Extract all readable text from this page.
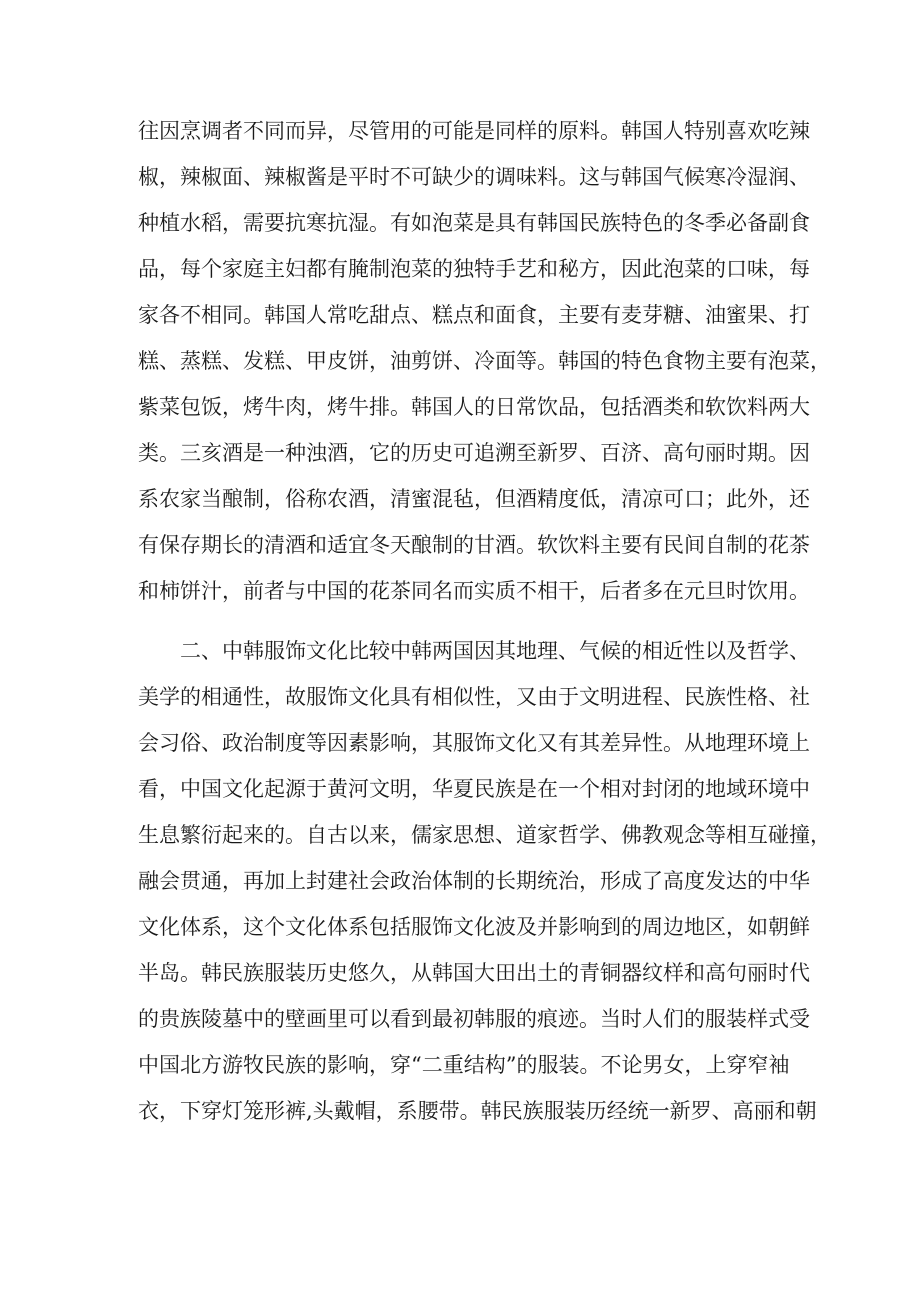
往因烹调者不同而异，尽管用的可能是同样的原料。韩国人特别喜欢吃辣
椒，辣椒面、辣椒酱是平时不可缺少的调味料。这与韩国气候寒冷湿润、
种植水稻，需要抗寒抗湿。有如泡菜是具有韩国民族特色的冬季必备副食
品，每个家庭主妇都有腌制泡菜的独特手艺和秘方，因此泡菜的口味，每
家各不相同。韩国人常吃甜点、糕点和面食，主要有麦芽糖、油蜜果、打
糕、蒸糕、发糕、甲皮饼，油剪饼、冷面等。韩国的特色食物主要有泡菜，
紫菜包饭，烤牛肉，烤牛排。韩国人的日常饮品，包括酒类和软饮料两大
类。三亥酒是一种浊酒，它的历史可追溯至新罗、百济、高句丽时期。因
系农家当酿制，俗称农酒，清蜜混毡，但酒精度低，清凉可口；此外，还
有保存期长的清酒和适宜冬天酿制的甘酒。软饮料主要有民间自制的花茶
和柿饼汁，前者与中国的花茶同名而实质不相干，后者多在元旦时饮用。
　　二、中韩服饰文化比较中韩两国因其地理、气候的相近性以及哲学、
美学的相通性，故服饰文化具有相似性，又由于文明进程、民族性格、社
会习俗、政治制度等因素影响，其服饰文化又有其差异性。从地理环境上
看，中国文化起源于黄河文明，华夏民族是在一个相对封闭的地域环境中
生息繁衍起来的。自古以来，儒家思想、道家哲学、佛教观念等相互碰撞，
融会贯通，再加上封建社会政治体制的长期统治，形成了高度发达的中华
文化体系，这个文化体系包括服饰文化波及并影响到的周边地区，如朝鲜
半岛。韩民族服装历史悠久，从韩国大田出土的青铜器纹样和高句丽时代
的贵族陵墓中的壁画里可以看到最初韩服的痕迹。当时人们的服装样式受
中国北方游牧民族的影响，穿“二重结构”的服装。不论男女，上穿窄袖
衣，下穿灯笼形裤,头戴帽，系腰带。韩民族服装历经统一新罗、高丽和朝
